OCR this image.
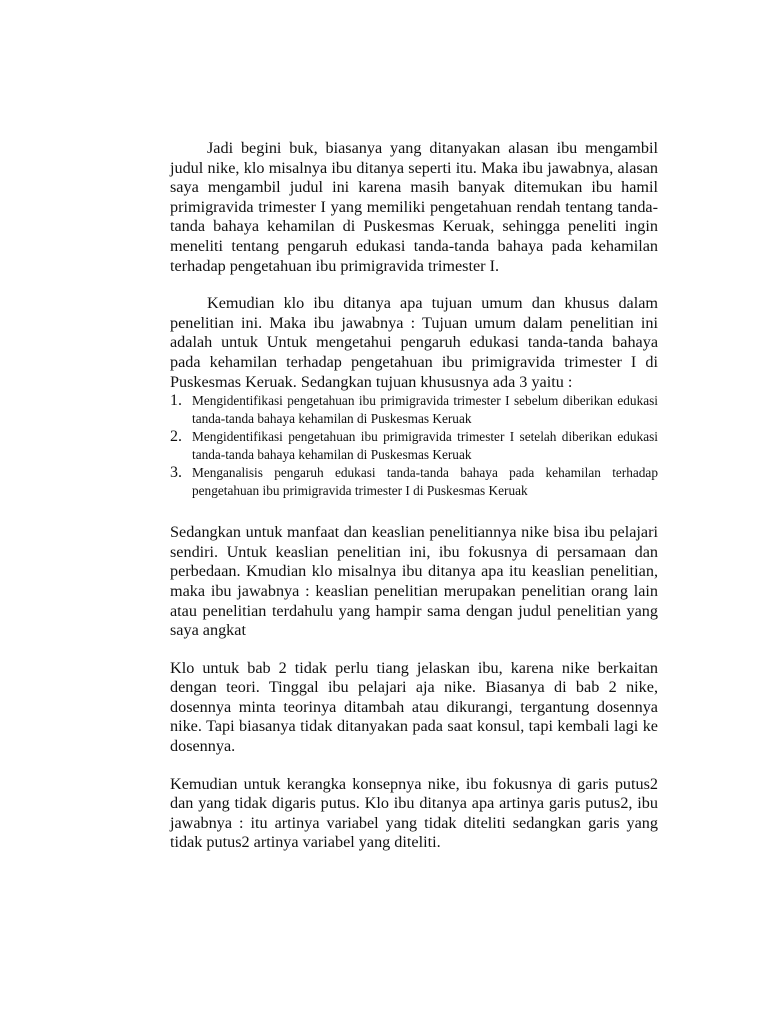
Jadi begini buk, biasanya yang ditanyakan alasan ibu mengambil judul nike, klo misalnya ibu ditanya seperti itu. Maka ibu jawabnya, alasan saya mengambil judul ini karena masih banyak ditemukan ibu hamil primigravida trimester I yang memiliki pengetahuan rendah tentang tanda-tanda bahaya kehamilan di Puskesmas Keruak, sehingga peneliti ingin meneliti tentang pengaruh edukasi tanda-tanda bahaya pada kehamilan terhadap pengetahuan ibu primigravida trimester I.

Kemudian klo ibu ditanya apa tujuan umum dan khusus dalam penelitian ini. Maka ibu jawabnya : Tujuan umum dalam penelitian ini adalah untuk Untuk mengetahui pengaruh edukasi tanda-tanda bahaya pada kehamilan terhadap pengetahuan ibu primigravida trimester I di Puskesmas Keruak. Sedangkan tujuan khususnya ada 3 yaitu :

1. Mengidentifikasi pengetahuan ibu primigravida trimester I sebelum diberikan edukasi tanda-tanda bahaya kehamilan di Puskesmas Keruak
2. Mengidentifikasi pengetahuan ibu primigravida trimester I setelah diberikan edukasi tanda-tanda bahaya kehamilan di Puskesmas Keruak
3. Menganalisis pengaruh edukasi tanda-tanda bahaya pada kehamilan terhadap pengetahuan ibu primigravida trimester I di Puskesmas Keruak

Sedangkan untuk manfaat dan keaslian penelitiannya nike bisa ibu pelajari sendiri. Untuk keaslian penelitian ini, ibu fokusnya di persamaan dan perbedaan. Kmudian klo misalnya ibu ditanya apa itu keaslian penelitian, maka ibu jawabnya : keaslian penelitian merupakan penelitian orang lain atau penelitian terdahulu yang hampir sama dengan judul penelitian yang saya angkat

Klo untuk bab 2 tidak perlu tiang jelaskan ibu, karena nike berkaitan dengan teori. Tinggal ibu pelajari aja nike. Biasanya di bab 2 nike, dosennya minta teorinya ditambah atau dikurangi, tergantung dosennya nike. Tapi biasanya tidak ditanyakan pada saat konsul, tapi kembali lagi ke dosennya.

Kemudian untuk kerangka konsepnya nike, ibu fokusnya di garis putus2 dan yang tidak digaris putus. Klo ibu ditanya apa artinya garis putus2, ibu jawabnya : itu artinya variabel yang tidak diteliti sedangkan garis yang tidak putus2 artinya variabel yang diteliti.
